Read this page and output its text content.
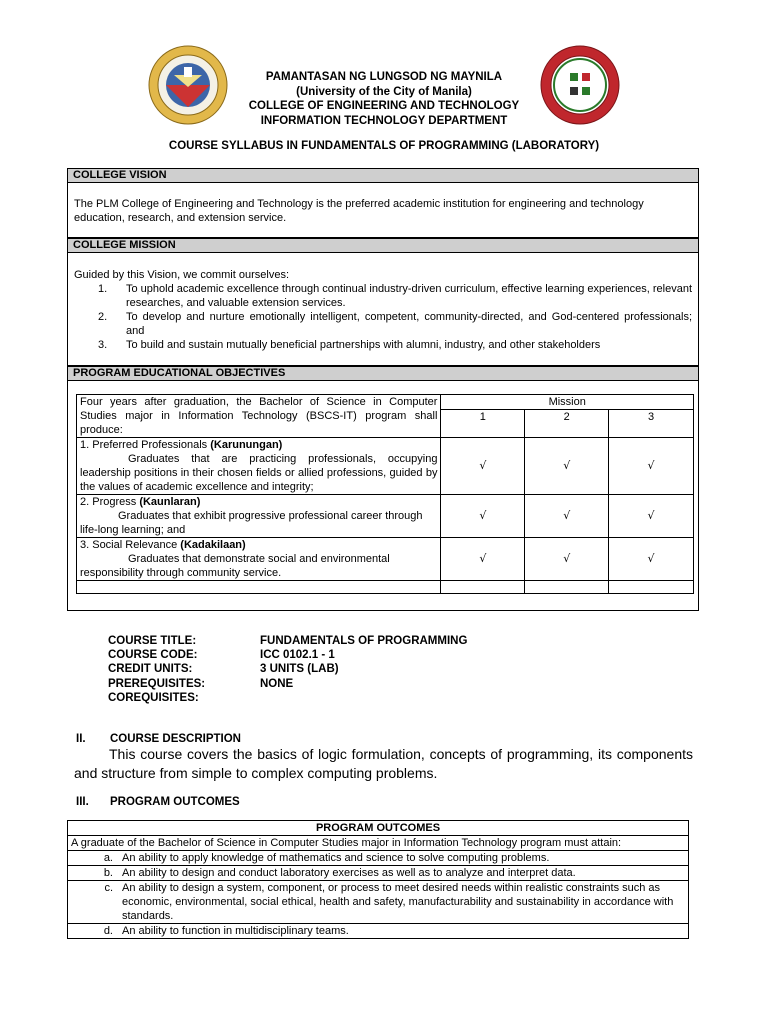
PAMANTASAN NG LUNGSOD NG MAYNILA
(University of the City of Manila)
COLLEGE OF ENGINEERING AND TECHNOLOGY
INFORMATION TECHNOLOGY DEPARTMENT
COURSE SYLLABUS IN FUNDAMENTALS OF PROGRAMMING (LABORATORY)
COLLEGE VISION
The PLM College of Engineering and Technology is the preferred academic institution for engineering and technology education, research, and extension service.
COLLEGE MISSION
Guided by this Vision, we commit ourselves:
1.	To uphold academic excellence through continual industry-driven curriculum, effective learning experiences, relevant researches, and valuable extension services.
2.	To develop and nurture emotionally intelligent, competent, community-directed, and God-centered professionals; and
3.	To build and sustain mutually beneficial partnerships with alumni, industry, and other stakeholders
PROGRAM EDUCATIONAL OBJECTIVES
Four years after graduation, the Bachelor of Science in Computer Studies major in Information Technology (BSCS-IT) program shall produce:	Mission		
	1	2	3
1. Preferred Professionals (Karunungan)
Graduates that are practicing professionals, occupying leadership positions in their chosen fields or allied professions, guided by the values of academic excellence and integrity;	√	√	√
2. Progress (Kaunlaran)
Graduates that exhibit progressive professional career through life-long learning; and	√	√	√
3. Social Relevance (Kadakilaan)
Graduates that demonstrate social and environmental responsibility through community service.	√	√	√

COURSE TITLE:	FUNDAMENTALS OF PROGRAMMING
COURSE CODE:	ICC 0102.1 - 1
CREDIT UNITS:	3 UNITS (LAB)
PREREQUISITES:	NONE
COREQUISITES:
II.	COURSE DESCRIPTION
This course covers the basics of logic formulation, concepts of programming, its components and structure from simple to complex computing problems.
III.	PROGRAM OUTCOMES
PROGRAM OUTCOMES	
A graduate of the Bachelor of Science in Computer Studies major in Information Technology program must attain:	
a.	An ability to apply knowledge of mathematics and science to solve computing problems.
b.	An ability to design and conduct laboratory exercises as well as to analyze and interpret data.
c.	An ability to design a system, component, or process to meet desired needs within realistic constraints such as economic, environmental, social ethical, health and safety, manufacturability and sustainability in accordance with standards.
d.	An ability to function in multidisciplinary teams.
